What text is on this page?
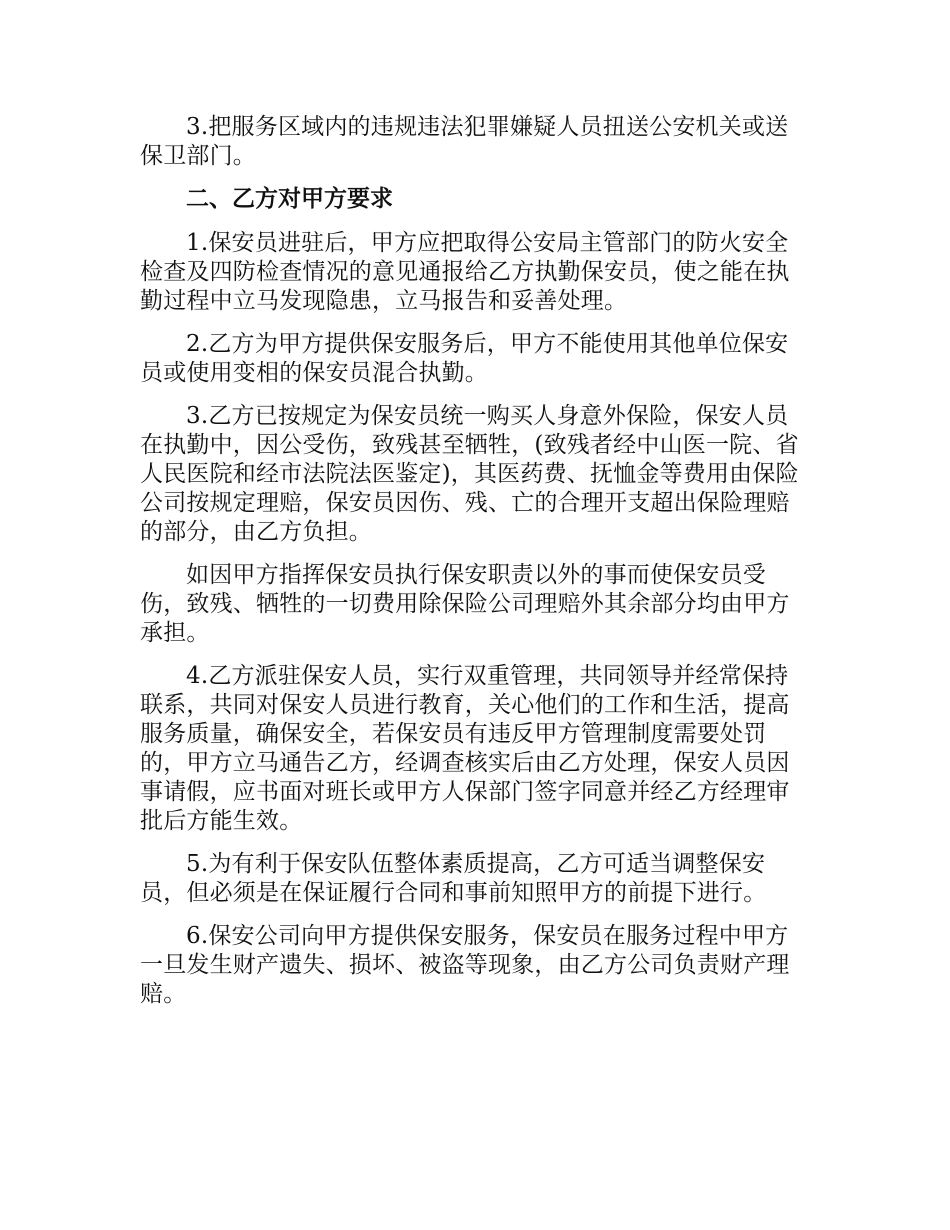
3.把服务区域内的违规违法犯罪嫌疑人员扭送公安机关或送保卫部门。

二、乙方对甲方要求

1.保安员进驻后，甲方应把取得公安局主管部门的防火安全检查及四防检查情况的意见通报给乙方执勤保安员，使之能在执勤过程中立马发现隐患，立马报告和妥善处理。

2.乙方为甲方提供保安服务后，甲方不能使用其他单位保安员或使用变相的保安员混合执勤。

3.乙方已按规定为保安员统一购买人身意外保险，保安人员在执勤中，因公受伤，致残甚至牺牲，(致残者经中山医一院、省人民医院和经市法院法医鉴定)，其医药费、抚恤金等费用由保险公司按规定理赔，保安员因伤、残、亡的合理开支超出保险理赔的部分，由乙方负担。

如因甲方指挥保安员执行保安职责以外的事而使保安员受伤，致残、牺牲的一切费用除保险公司理赔外其余部分均由甲方承担。

4.乙方派驻保安人员，实行双重管理，共同领导并经常保持联系，共同对保安人员进行教育，关心他们的工作和生活，提高服务质量，确保安全，若保安员有违反甲方管理制度需要处罚的，甲方立马通告乙方，经调查核实后由乙方处理，保安人员因事请假，应书面对班长或甲方人保部门签字同意并经乙方经理审批后方能生效。

5.为有利于保安队伍整体素质提高，乙方可适当调整保安员，但必须是在保证履行合同和事前知照甲方的前提下进行。

6.保安公司向甲方提供保安服务，保安员在服务过程中甲方一旦发生财产遗失、损坏、被盗等现象，由乙方公司负责财产理赔。
